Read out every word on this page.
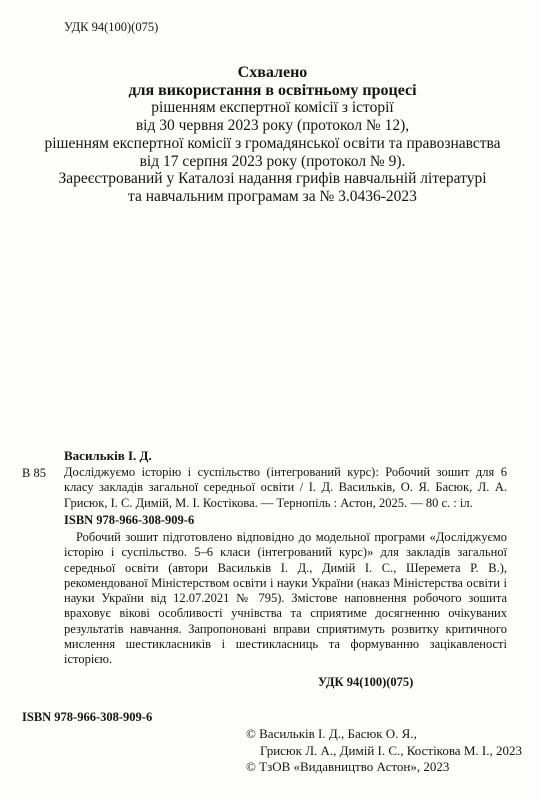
УДК 94(100)(075)
Схвалено
для використання в освітньому процесі
рішенням експертної комісії з історії
від 30 червня 2023 року (протокол № 12),
рішенням експертної комісії з громадянської освіти та правознавства
від 17 серпня 2023 року (протокол № 9).
Зареєстрований у Каталозі надання грифів навчальній літературі
та навчальним програмам за № 3.0436-2023
Васильків І. Д.
В 85 Досліджуємо історію і суспільство (інтегрований курс): Робочий зошит для 6 класу закладів загальної середньої освіти / І. Д. Васильків, О. Я. Басюк, Л. А. Грисюк, І. С. Димій, М. І. Костікова. — Тернопіль : Астон, 2025. — 80 с. : іл.
ISBN 978-966-308-909-6
Робочий зошит підготовлено відповідно до модельної програми «Досліджуємо історію і суспільство. 5–6 класи (інтегрований курс)» для закладів загальної середньої освіти (автори Васильків І. Д., Димій І. С., Шеремета Р. В.), рекомендованої Міністерством освіти і науки України (наказ Міністерства освіти і науки України від 12.07.2021 № 795). Змістове наповнення робочого зошита враховує вікові особливості учнівства та сприятиме досягненню очікуваних результатів навчання. Запропоновані вправи сприятимуть розвитку критичного мислення шестикласників і шестикласниць та формуванню зацікавленості історією.
УДК 94(100)(075)
ISBN 978-966-308-909-6
© Васильків І. Д., Басюк О. Я.,
Грисюк Л. А., Димій І. С., Костікова М. І., 2023
© ТзОВ «Видавництво Астон», 2023
